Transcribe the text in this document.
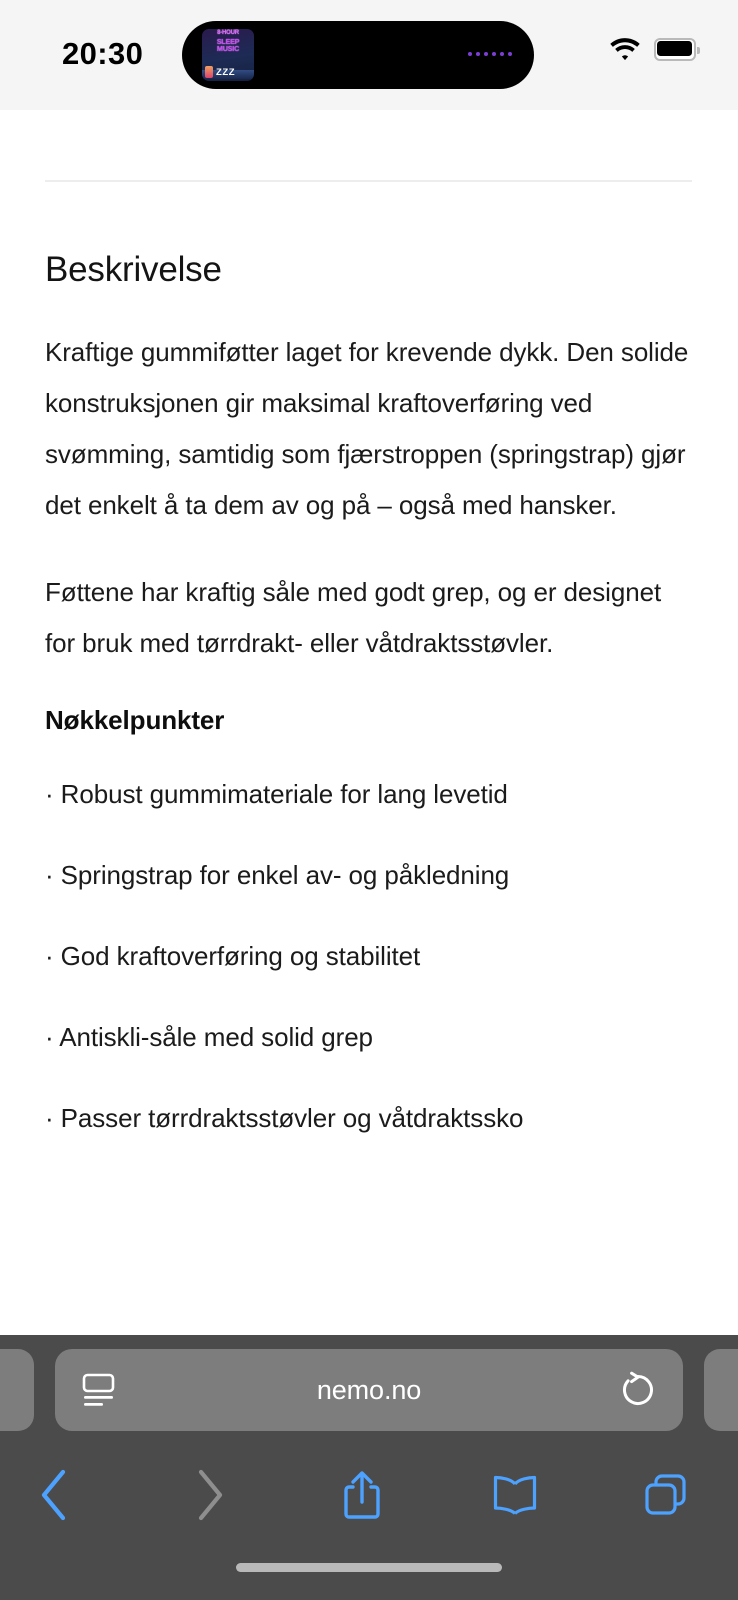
20:30
8-HOUR
SLEEP
MUSIC
ZZZ
Beskrivelse
Kraftige gummiføtter laget for krevende dykk. Den solide konstruksjonen gir maksimal kraftoverføring ved svømming, samtidig som fjærstroppen (springstrap) gjør det enkelt å ta dem av og på – også med hansker.
Føttene har kraftig såle med godt grep, og er designet for bruk med tørrdrakt- eller våtdraktsstøvler.
Nøkkelpunkter
· Robust gummimateriale for lang levetid
· Springstrap for enkel av- og påkledning
· God kraftoverføring og stabilitet
· Antiskli-såle med solid grep
· Passer tørrdraktsstøvler og våtdraktssko
nemo.no
